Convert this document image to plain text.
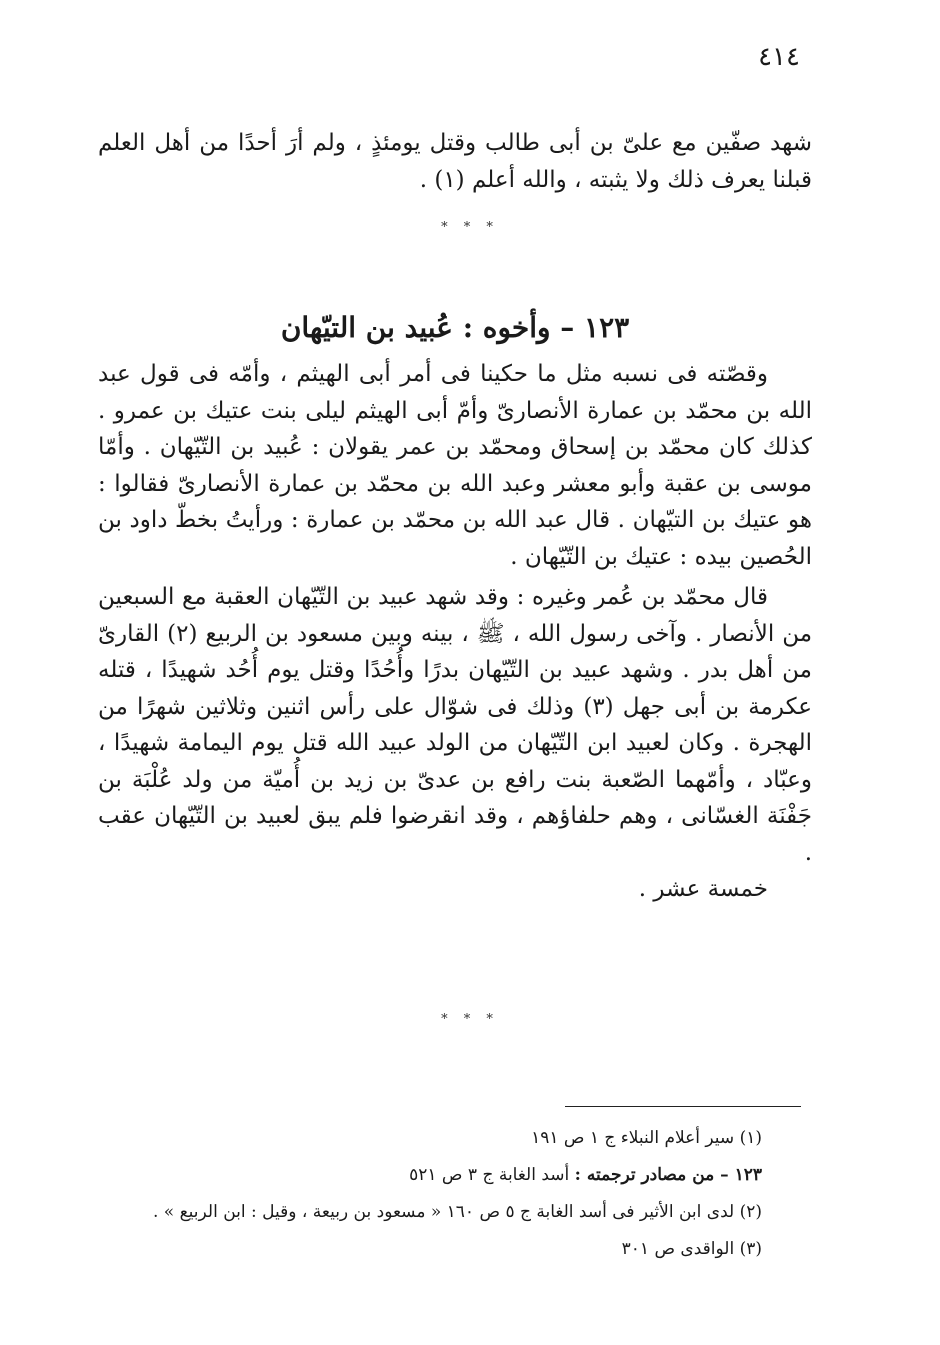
٤١٤

شهد صفّين مع علىّ بن أبى طالب وقتل يومئذٍ ، ولم أرَ أحدًا من أهل العلم قبلنا يعرف ذلك ولا يثبته ، والله أعلم (١) .

* * *
١٢٣ – وأخوه : عُبيد بن التيّهان

وقصّته فى نسبه مثل ما حكينا فى أمر أبى الهيثم ، وأمّه فى قول عبد الله بن محمّد بن عمارة الأنصارىّ وأمّ أبى الهيثم ليلى بنت عتيك بن عمرو . كذلك كان محمّد بن إسحاق ومحمّد بن عمر يقولان : عُبيد بن التّيّهان . وأمّا موسى بن عقبة وأبو معشر وعبد الله بن محمّد بن عمارة الأنصارىّ فقالوا : هو عتيك بن التيّهان . قال عبد الله بن محمّد بن عمارة : ورأيتُ بخطّ داود بن الحُصين بيده : عتيك بن التّيّهان .

قال محمّد بن عُمر وغيره : وقد شهد عبيد بن التّيّهان العقبة مع السبعين من الأنصار . وآخى رسول الله ، ﷺ ، بينه وبين مسعود بن الربيع (٢) القارىّ من أهل بدر . وشهد عبيد بن التّيّهان بدرًا وأُحُدًا وقتل يوم أُحُد شهيدًا ، قتله عكرمة بن أبى جهل (٣) وذلك فى شوّال على رأس اثنين وثلاثين شهرًا من الهجرة . وكان لعبيد ابن التّيّهان من الولد عبيد الله قتل يوم اليمامة شهيدًا ، وعبّاد ، وأمّهما الصّعبة بنت رافع بن عدىّ بن زيد بن أُميّة من ولد عُلْبَة بن جَفْنَة الغسّانى ، وهم حلفاؤهم ، وقد انقرضوا فلم يبق لعبيد بن التّيّهان عقب .

خمسة عشر .

* * *
(١) سير أعلام النبلاء ج ١ ص ١٩١
١٢٣ – من مصادر ترجمته : أسد الغابة ج ٣ ص ٥٢١
(٢) لدى ابن الأثير فى أسد الغابة ج ٥ ص ١٦٠ « مسعود بن ربيعة ، وقيل : ابن الربيع » .
(٣) الواقدى ص ٣٠١
